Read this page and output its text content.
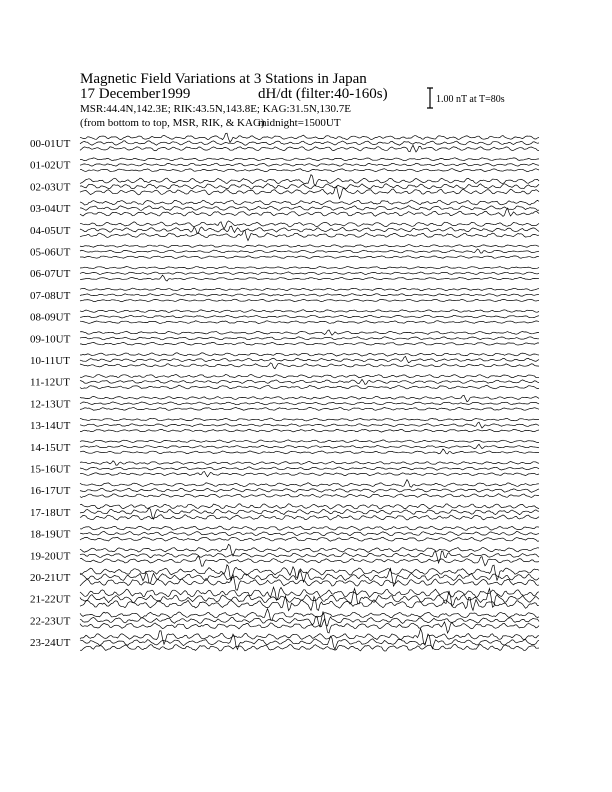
Magnetic Field Variations at 3 Stations in Japan
17 December1999	dH/dt (filter:40-160s)
MSR:44.4N,142.3E; RIK:43.5N,143.8E; KAG:31.5N,130.7E
(from bottom to top, MSR, RIK, & KAG)
midnight=1500UT
1.00 nT at T=80s
00-01UT
01-02UT
02-03UT
03-04UT
04-05UT
05-06UT
06-07UT
07-08UT
08-09UT
09-10UT
10-11UT
11-12UT
12-13UT
13-14UT
14-15UT
15-16UT
16-17UT
17-18UT
18-19UT
19-20UT
20-21UT
21-22UT
22-23UT
23-24UT
